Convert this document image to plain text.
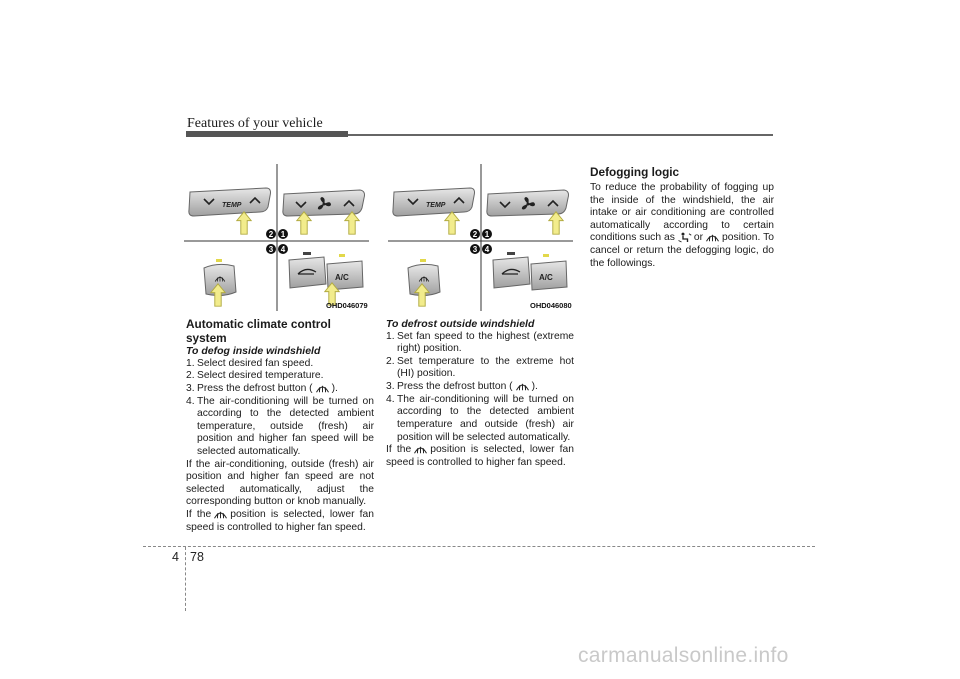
Features of your vehicle
TEMP
2 1
3 4
A/C
OHD046079
TEMP
2 1
3 4
A/C
OHD046080

Automatic climate control system

To defog inside windshield

1. Select desired fan speed.
2. Select desired temperature.
3. Press the defrost button ( ).
4. The air-conditioning will be turned on according to the detected ambient temperature, outside (fresh) air position and higher fan speed will be selected automatically.

If the air-conditioning, outside (fresh) air position and higher fan speed are not selected automatically, adjust the corresponding button or knob manually.

If the position is selected, lower fan speed is controlled to higher fan speed.

To defrost outside windshield

1. Set fan speed to the highest (extreme right) position.
2. Set temperature to the extreme hot (HI) position.
3. Press the defrost button ( ).
4. The air-conditioning will be turned on according to the detected ambient temperature and outside (fresh) air position will be selected automatically.

If the position is selected, lower fan speed is controlled to higher fan speed.

Defogging logic

To reduce the probability of fogging up the inside of the windshield, the air intake or air conditioning are controlled automatically according to certain conditions such as or position. To cancel or return the defogging logic, do the followings.

4 78
carmanualsonline.info
